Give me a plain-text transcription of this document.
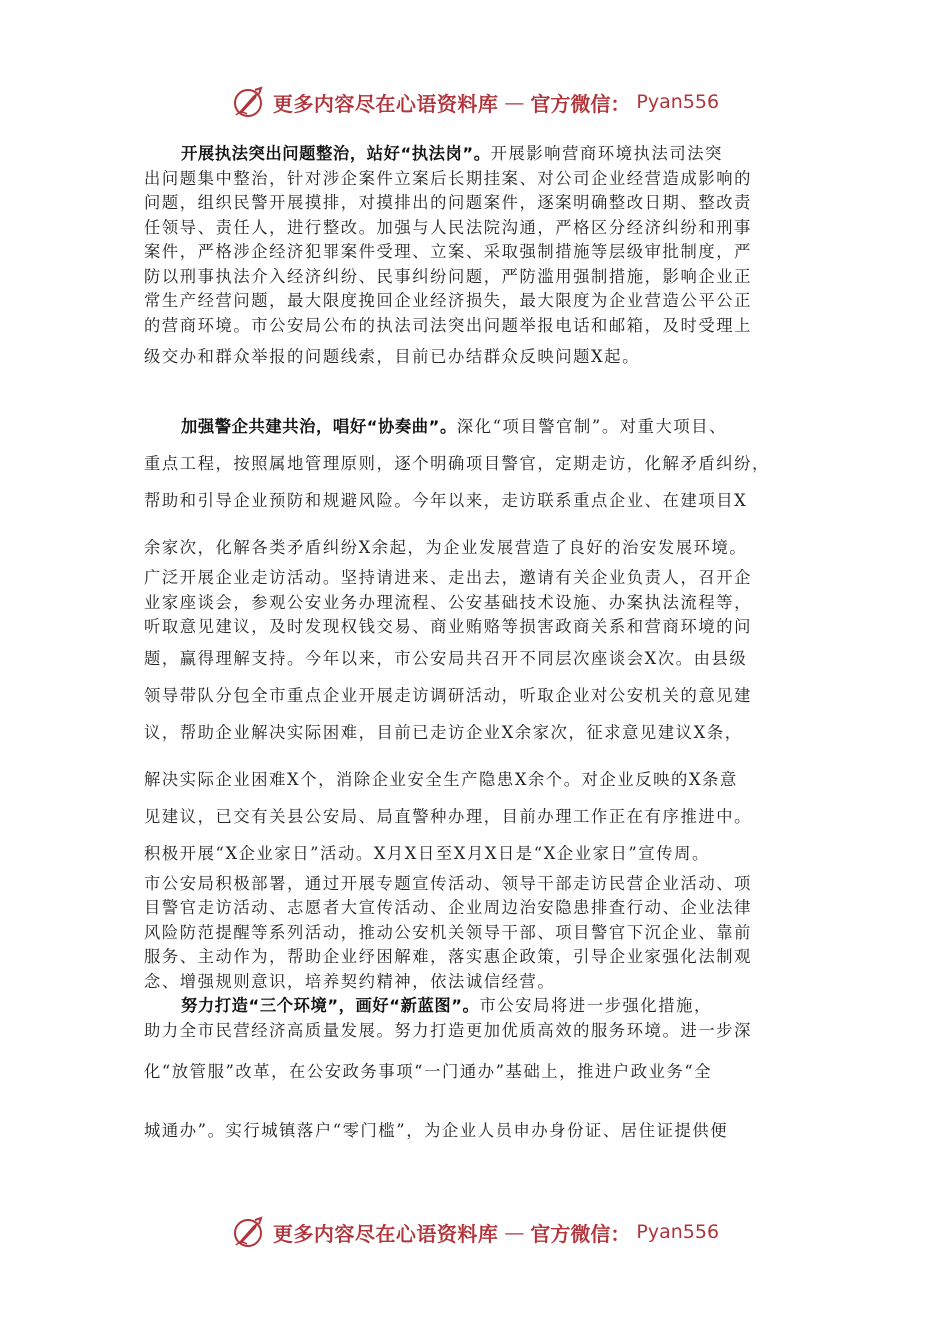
更多内容尽在心语资料库 — 官方微信： Pyan556
开展执法突出问题整治，站好“执法岗”。开展影响营商环境执法司法突
出问题集中整治，针对涉企案件立案后长期挂案、对公司企业经营造成影响的
问题，组织民警开展摸排，对摸排出的问题案件，逐案明确整改日期、整改责
任领导、责任人，进行整改。加强与人民法院沟通，严格区分经济纠纷和刑事
案件，严格涉企经济犯罪案件受理、立案、采取强制措施等层级审批制度，严
防以刑事执法介入经济纠纷、民事纠纷问题，严防滥用强制措施，影响企业正
常生产经营问题，最大限度挽回企业经济损失，最大限度为企业营造公平公正
的营商环境。市公安局公布的执法司法突出问题举报电话和邮箱，及时受理上
级交办和群众举报的问题线索，目前已办结群众反映问题X起。
加强警企共建共治，唱好“协奏曲”。深化“项目警官制”。对重大项目、
重点工程，按照属地管理原则，逐个明确项目警官，定期走访，化解矛盾纠纷，
帮助和引导企业预防和规避风险。今年以来，走访联系重点企业、在建项目X
余家次，化解各类矛盾纠纷X余起，为企业发展营造了良好的治安发展环境。
广泛开展企业走访活动。坚持请进来、走出去，邀请有关企业负责人，召开企
业家座谈会，参观公安业务办理流程、公安基础技术设施、办案执法流程等，
听取意见建议，及时发现权钱交易、商业贿赂等损害政商关系和营商环境的问
题，赢得理解支持。今年以来，市公安局共召开不同层次座谈会X次。由县级
领导带队分包全市重点企业开展走访调研活动，听取企业对公安机关的意见建
议，帮助企业解决实际困难，目前已走访企业X余家次，征求意见建议X条，
解决实际企业困难X个，消除企业安全生产隐患X余个。对企业反映的X条意
见建议，已交有关县公安局、局直警种办理，目前办理工作正在有序推进中。
积极开展“X企业家日”活动。X月X日至X月X日是“X企业家日”宣传周。
市公安局积极部署，通过开展专题宣传活动、领导干部走访民营企业活动、项
目警官走访活动、志愿者大宣传活动、企业周边治安隐患排查行动、企业法律
风险防范提醒等系列活动，推动公安机关领导干部、项目警官下沉企业、靠前
服务、主动作为，帮助企业纾困解难，落实惠企政策，引导企业家强化法制观
念、增强规则意识，培养契约精神，依法诚信经营。
努力打造“三个环境”，画好“新蓝图”。市公安局将进一步强化措施，
助力全市民营经济高质量发展。努力打造更加优质高效的服务环境。进一步深
化“放管服”改革，在公安政务事项“一门通办”基础上，推进户政业务“全
城通办”。实行城镇落户“零门槛”，为企业人员申办身份证、居住证提供便
更多内容尽在心语资料库 — 官方微信： Pyan556
